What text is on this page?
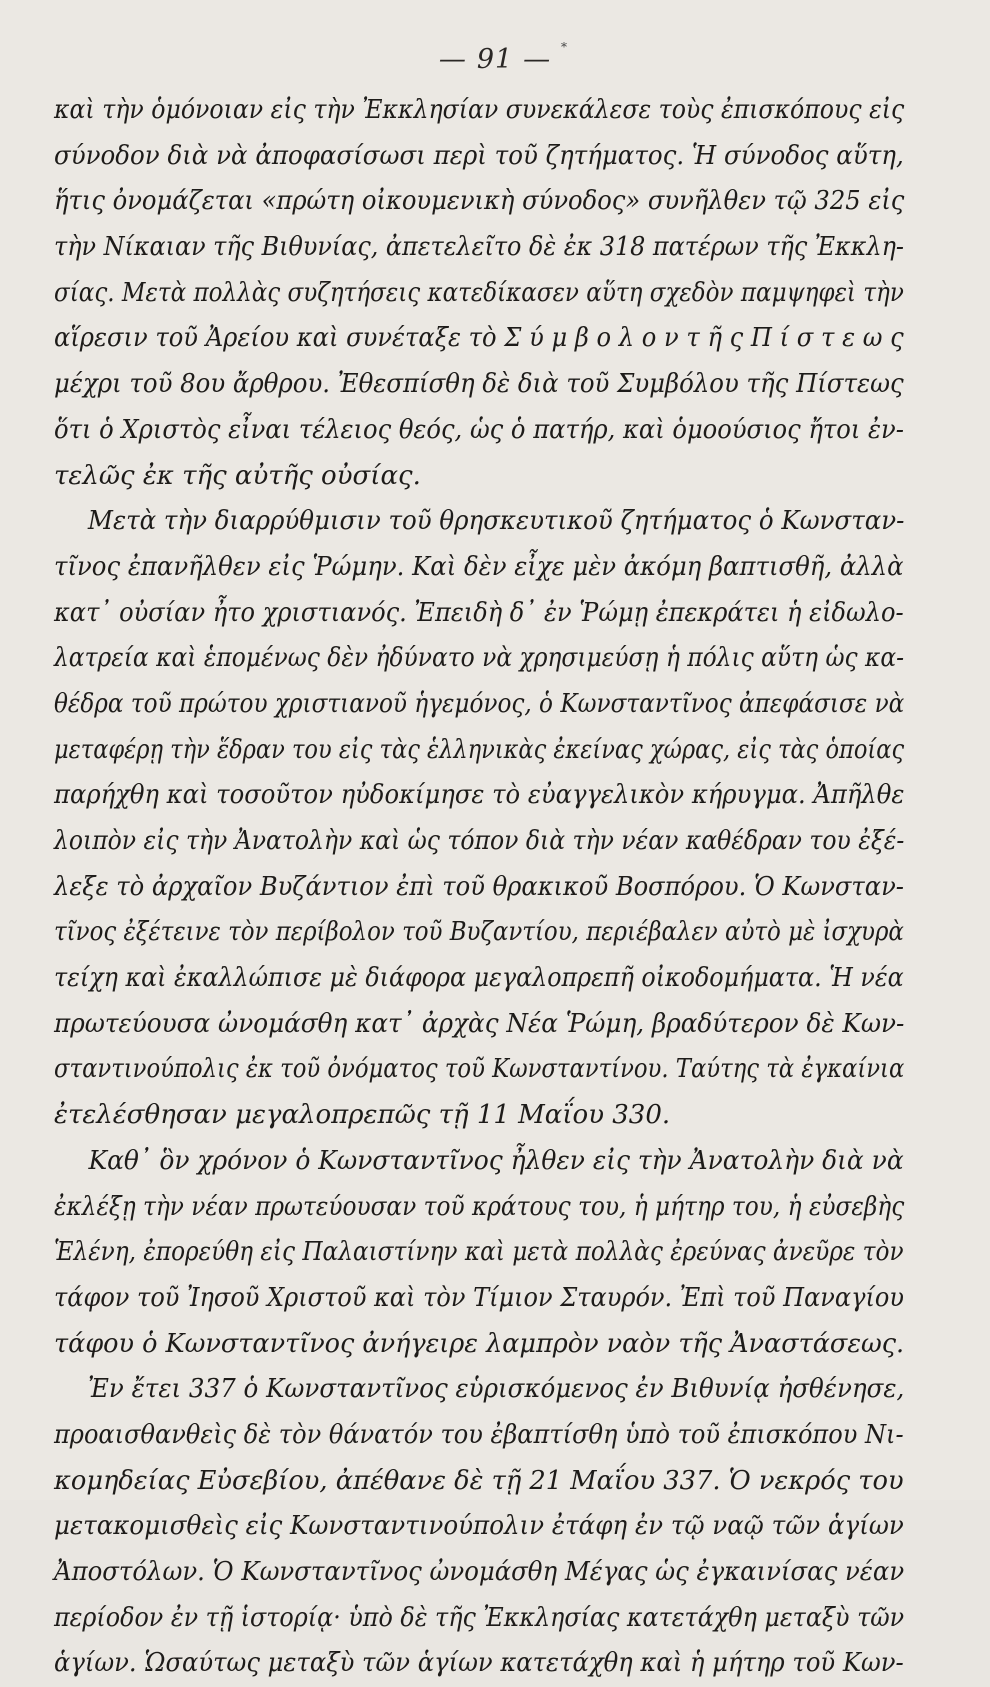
— 91 — *
καὶ τὴν ὁμόνοιαν εἰς τὴν Ἐκκλησίαν συνεκάλεσε τοὺς ἐπισκόπους εἰς
σύνοδον διὰ νὰ ἀποφασίσωσι περὶ τοῦ ζητήματος. Ἡ σύνοδος αὕτη,
ἥτις ὀνομάζεται «πρώτη οἰκουμενικὴ σύνοδος» συνῆλθεν τῷ 325 εἰς
τὴν Νίκαιαν τῆς Βιθυνίας, ἀπετελεῖτο δὲ ἐκ 318 πατέρων τῆς Ἐκκλη-
σίας. Μετὰ πολλὰς συζητήσεις κατεδίκασεν αὕτη σχεδὸν παμψηφεὶ τὴν
αἵρεσιν τοῦ Ἀρείου καὶ συνέταξε τὸ Σ ύ μ β ο λ ο ν τ ῆ ς Π ί σ τ ε ω ς
μέχρι τοῦ 8ου ἄρθρου. Ἐθεσπίσθη δὲ διὰ τοῦ Συμβόλου τῆς Πίστεως
ὅτι ὁ Χριστὸς εἶναι τέλειος θεός, ὡς ὁ πατήρ, καὶ ὁμοούσιος ἤτοι ἐν-
τελῶς ἐκ τῆς αὐτῆς οὐσίας.
Μετὰ τὴν διαρρύθμισιν τοῦ θρησκευτικοῦ ζητήματος ὁ Κωνσταν-
τῖνος ἐπανῆλθεν εἰς Ῥώμην. Καὶ δὲν εἶχε μὲν ἀκόμη βαπτισθῆ, ἀλλὰ
κατ᾿ οὐσίαν ἦτο χριστιανός. Ἐπειδὴ δ᾿ ἐν Ῥώμῃ ἐπεκράτει ἡ εἰδωλο-
λατρεία καὶ ἑπομένως δὲν ἠδύνατο νὰ χρησιμεύσῃ ἡ πόλις αὕτη ὡς κα-
θέδρα τοῦ πρώτου χριστιανοῦ ἡγεμόνος, ὁ Κωνσταντῖνος ἀπεφάσισε νὰ
μεταφέρῃ τὴν ἕδραν του εἰς τὰς ἑλληνικὰς ἐκείνας χώρας, εἰς τὰς ὁποίας
παρήχθη καὶ τοσοῦτον ηὐδοκίμησε τὸ εὐαγγελικὸν κήρυγμα. Ἀπῆλθε
λοιπὸν εἰς τὴν Ἀνατολὴν καὶ ὡς τόπον διὰ τὴν νέαν καθέδραν του ἐξέ-
λεξε τὸ ἀρχαῖον Βυζάντιον ἐπὶ τοῦ θρακικοῦ Βοσπόρου. Ὁ Κωνσταν-
τῖνος ἐξέτεινε τὸν περίβολον τοῦ Βυζαντίου, περιέβαλεν αὐτὸ μὲ ἰσχυρὰ
τείχη καὶ ἐκαλλώπισε μὲ διάφορα μεγαλοπρεπῆ οἰκοδομήματα. Ἡ νέα
πρωτεύουσα ὠνομάσθη κατ᾿ ἀρχὰς Νέα Ῥώμη, βραδύτερον δὲ Κων-
σταντινούπολις ἐκ τοῦ ὀνόματος τοῦ Κωνσταντίνου. Ταύτης τὰ ἐγκαίνια
ἐτελέσθησαν μεγαλοπρεπῶς τῇ 11 Μαΐου 330.
Καθ᾿ ὃν χρόνον ὁ Κωνσταντῖνος ἦλθεν εἰς τὴν Ἀνατολὴν διὰ νὰ
ἐκλέξῃ τὴν νέαν πρωτεύουσαν τοῦ κράτους του, ἡ μήτηρ του, ἡ εὐσεβὴς
Ἑλένη, ἐπορεύθη εἰς Παλαιστίνην καὶ μετὰ πολλὰς ἐρεύνας ἀνεῦρε τὸν
τάφον τοῦ Ἰησοῦ Χριστοῦ καὶ τὸν Τίμιον Σταυρόν. Ἐπὶ τοῦ Παναγίου
τάφου ὁ Κωνσταντῖνος ἀνήγειρε λαμπρὸν ναὸν τῆς Ἀναστάσεως.
Ἐν ἔτει 337 ὁ Κωνσταντῖνος εὑρισκόμενος ἐν Βιθυνίᾳ ἠσθένησε,
προαισθανθεὶς δὲ τὸν θάνατόν του ἐβαπτίσθη ὑπὸ τοῦ ἐπισκόπου Νι-
κομηδείας Εὐσεβίου, ἀπέθανε δὲ τῇ 21 Μαΐου 337. Ὁ νεκρός του
μετακομισθεὶς εἰς Κωνσταντινούπολιν ἐτάφη ἐν τῷ ναῷ τῶν ἁγίων
Ἀποστόλων. Ὁ Κωνσταντῖνος ὠνομάσθη Μέγας ὡς ἐγκαινίσας νέαν
περίοδον ἐν τῇ ἱστορίᾳ· ὑπὸ δὲ τῆς Ἐκκλησίας κατετάχθη μεταξὺ τῶν
ἁγίων. Ὡσαύτως μεταξὺ τῶν ἁγίων κατετάχθη καὶ ἡ μήτηρ τοῦ Κων-
